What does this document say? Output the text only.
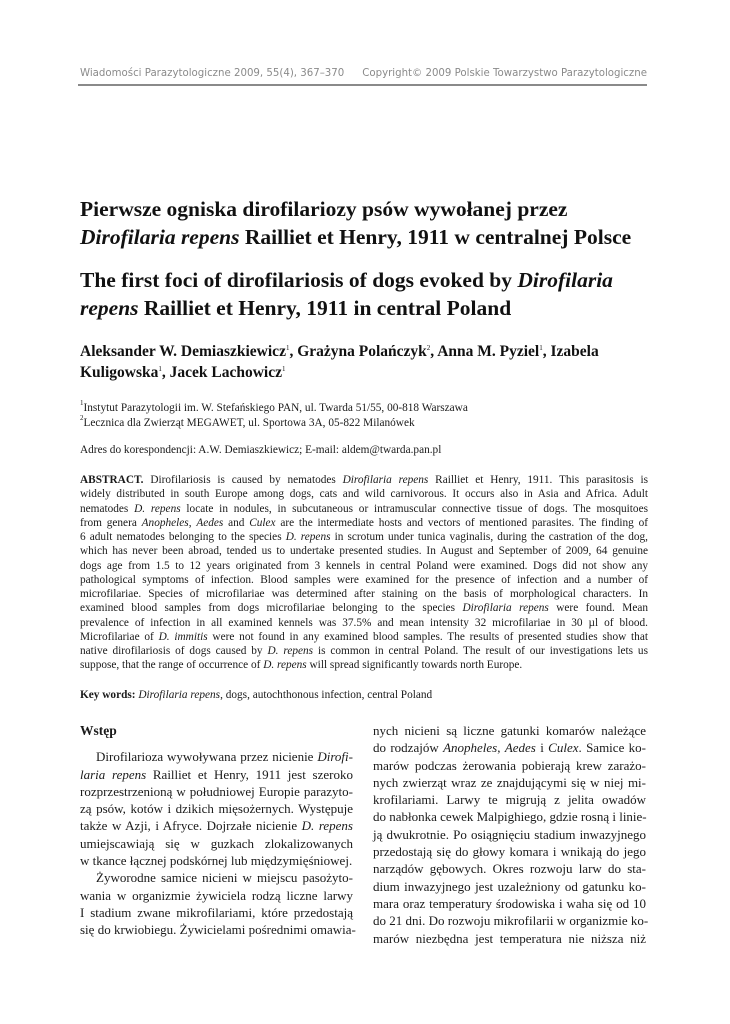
Wiadomości Parazytologiczne 2009, 55(4), 367–370 Copyright© 2009 Polskie Towarzystwo Parazytologiczne
Pierwsze ogniska dirofilariozy psów wywołanej przez
Dirofilaria repens Railliet et Henry, 1911 w centralnej Polsce
The first foci of dirofilariosis of dogs evoked by Dirofilaria
repens Railliet et Henry, 1911 in central Poland
Aleksander W. Demiaszkiewicz$^1$, Grażyna Polańczyk$^2$, Anna M. Pyziel$^1$, Izabela
Kuligowska$^1$, Jacek Lachowicz$^1$
$^1$Instytut Parazytologii im. W. Stefańskiego PAN, ul. Twarda 51/55, 00-818 Warszawa
$^2$Lecznica dla Zwierząt MEGAWET, ul. Sportowa 3A, 05-822 Milanówek
Adres do korespondencji: A.W. Demiaszkiewicz; E-mail: aldem@twarda.pan.pl
ABSTRACT. Dirofilariosis is caused by nematodes Dirofilaria repens Railliet et Henry, 1911. This parasitosis is
widely distributed in south Europe among dogs, cats and wild carnivorous. It occurs also in Asia and Africa. Adult
nematodes D. repens locate in nodules, in subcutaneous or intramuscular connective tissue of dogs. The mosquitoes
from genera Anopheles, Aedes and Culex are the intermediate hosts and vectors of mentioned parasites. The finding of
6 adult nematodes belonging to the species D. repens in scrotum under tunica vaginalis, during the castration of the dog,
which has never been abroad, tended us to undertake presented studies. In August and September of 2009, 64 genuine
dogs age from 1.5 to 12 years originated from 3 kennels in central Poland were examined. Dogs did not show any
pathological symptoms of infection. Blood samples were examined for the presence of infection and a number of
microfilariae. Species of microfilariae was determined after staining on the basis of morphological characters. In
examined blood samples from dogs microfilariae belonging to the species Dirofilaria repens were found. Mean
prevalence of infection in all examined kennels was 37.5% and mean intensity 32 microfilariae in 30 µl of blood.
Microfilariae of D. immitis were not found in any examined blood samples. The results of presented studies show that
native dirofilariosis of dogs caused by D. repens is common in central Poland. The result of our investigations lets us
suppose, that the range of occurrence of D. repens will spread significantly towards north Europe.
Key words: Dirofilaria repens, dogs, autochthonous infection, central Poland
Wstęp
Dirofilarioza wywoływana przez nicienie Dirofi-
laria repens Railliet et Henry, 1911 jest szeroko
rozprzestrzenioną w południowej Europie parazyto-
zą psów, kotów i dzikich mięsożernych. Występuje
także w Azji, i Afryce. Dojrzałe nicienie D. repens
umiejscawiają się w guzkach zlokalizowanych
w tkance łącznej podskórnej lub międzymięśniowej.
Żyworodne samice nicieni w miejscu pasożyto-
wania w organizmie żywiciela rodzą liczne larwy
I stadium zwane mikrofilariami, które przedostają
się do krwiobiegu. Żywicielami pośrednimi omawia-
nych nicieni są liczne gatunki komarów należące
do rodzajów Anopheles, Aedes i Culex. Samice ko-
marów podczas żerowania pobierają krew zarażo-
nych zwierząt wraz ze znajdującymi się w niej mi-
krofilariami. Larwy te migrują z jelita owadów
do nabłonka cewek Malpighiego, gdzie rosną i linie-
ją dwukrotnie. Po osiągnięciu stadium inwazyjnego
przedostają się do głowy komara i wnikają do jego
narządów gębowych. Okres rozwoju larw do sta-
dium inwazyjnego jest uzależniony od gatunku ko-
mara oraz temperatury środowiska i waha się od 10
do 21 dni. Do rozwoju mikrofilarii w organizmie ko-
marów niezbędna jest temperatura nie niższa niż
